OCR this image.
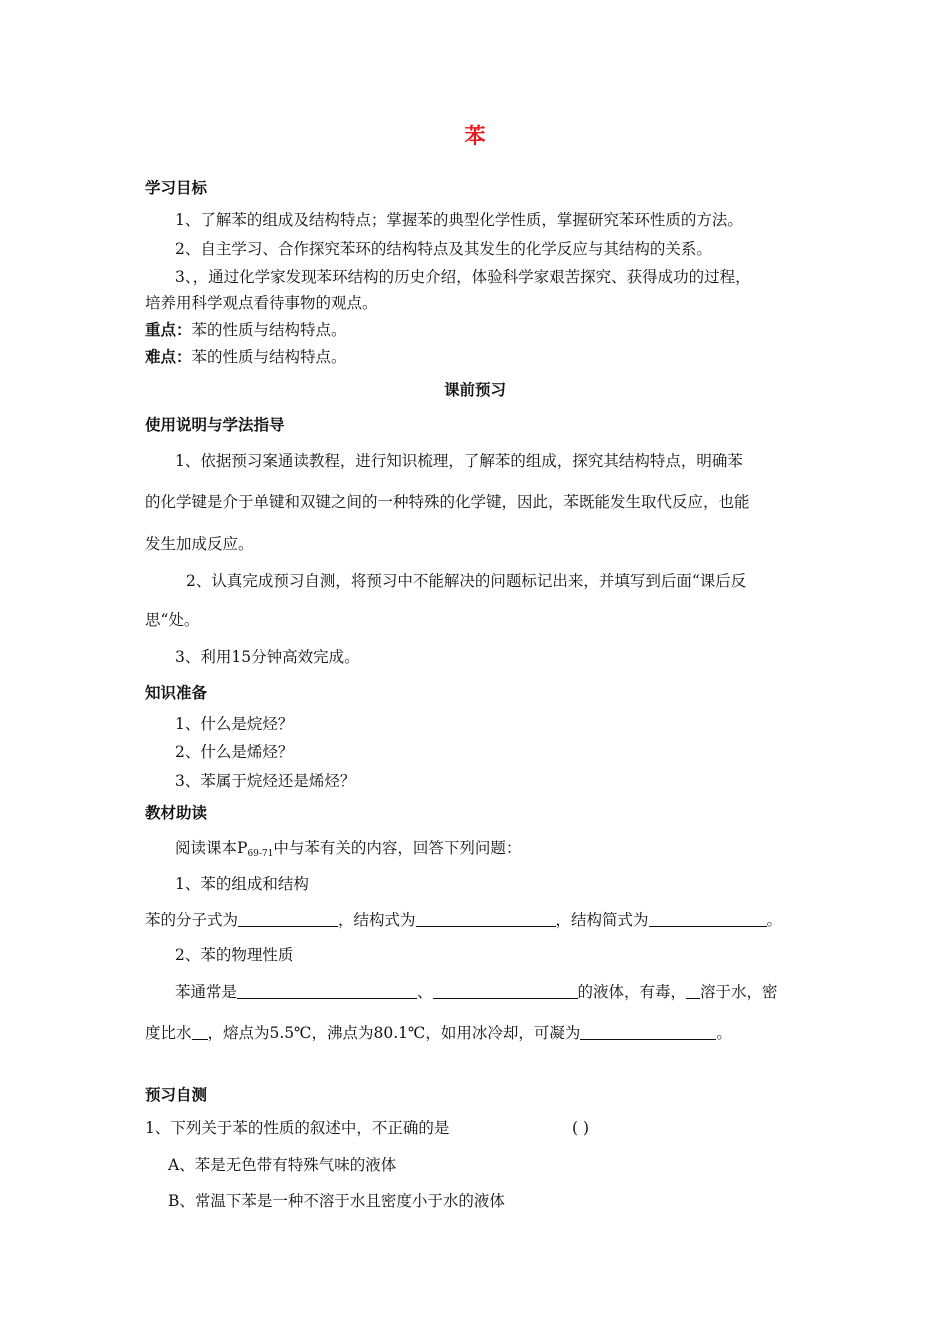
苯
学习目标
1、了解苯的组成及结构特点；掌握苯的典型化学性质，掌握研究苯环性质的方法。
2、自主学习、合作探究苯环的结构特点及其发生的化学反应与其结构的关系。
3、，通过化学家发现苯环结构的历史介绍，体验科学家艰苦探究、获得成功的过程，
培养用科学观点看待事物的观点。
重点：苯的性质与结构特点。
难点：苯的性质与结构特点。
课前预习
使用说明与学法指导
1、依据预习案通读教程，进行知识梳理，了解苯的组成，探究其结构特点，明确苯
的化学键是介于单键和双键之间的一种特殊的化学键，因此，苯既能发生取代反应，也能
发生加成反应。
2、认真完成预习自测，将预习中不能解决的问题标记出来，并填写到后面“课后反
思“处。
3、利用15分钟高效完成。
知识准备
1、什么是烷烃？
2、什么是烯烃？
3、苯属于烷烃还是烯烃？
教材助读
阅读课本$P_{69-71}$中与苯有关的内容，回答下列问题：
1、苯的组成和结构
苯的分子式为	，结构式为	，结构简式为	。
2、苯的物理性质
苯通常是	、	的液体，有毒， 溶于水，密
度比水 ，熔点为5.5℃，沸点为80.1℃，如用冰冷却，可凝为	。
预习自测
1、下列关于苯的性质的叙述中，不正确的是	( )
A、苯是无色带有特殊气味的液体
B、常温下苯是一种不溶于水且密度小于水的液体
